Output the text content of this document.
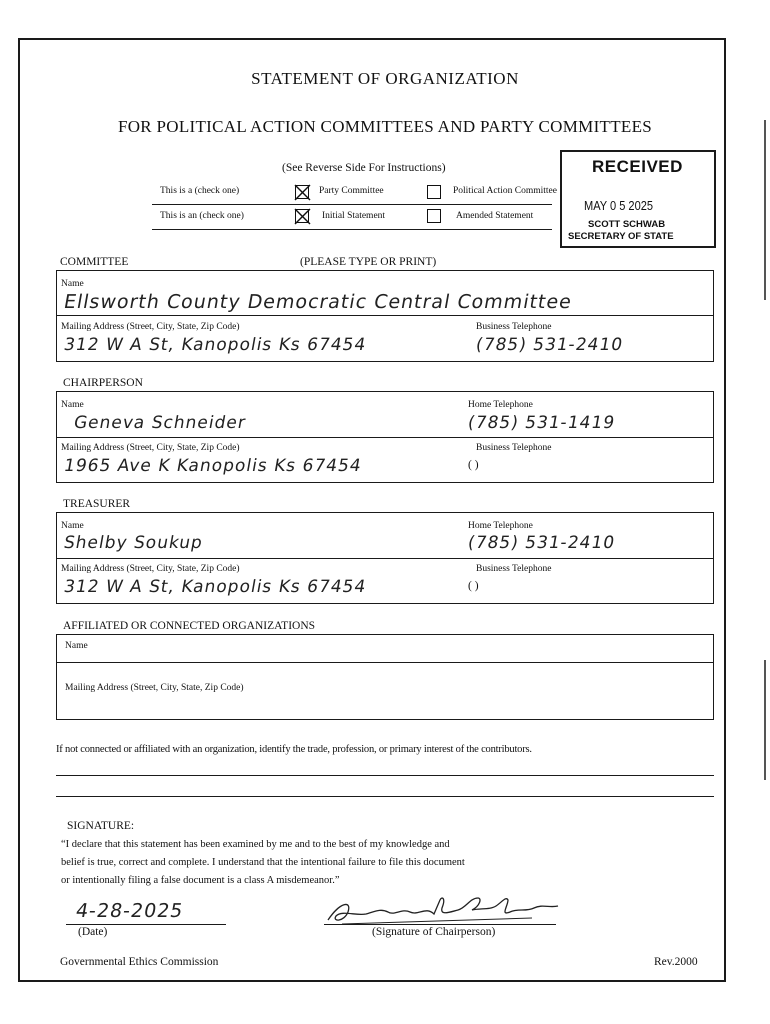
STATEMENT OF ORGANIZATION
FOR POLITICAL ACTION COMMITTEES AND PARTY COMMITTEES
(See Reverse Side For Instructions)
This is a (check one)	Party Committee	Political Action Committee
This is an (check one)	Initial Statement	Amended Statement
RECEIVED
MAY 0 5 2025
SCOTT SCHWAB
SECRETARY OF STATE
COMMITTEE	(PLEASE TYPE OR PRINT)
Name
Ellsworth County Democratic Central Committee
Mailing Address (Street, City, State, Zip Code)	Business Telephone
312 W A St, Kanopolis Ks 67454	(785) 531-2410
CHAIRPERSON
Name	Home Telephone
Geneva Schneider	(785) 531-1419
Mailing Address (Street, City, State, Zip Code)	Business Telephone
1965 Ave K Kanopolis Ks 67454	( )
TREASURER
Name	Home Telephone
Shelby Soukup	(785) 531-2410
Mailing Address (Street, City, State, Zip Code)	Business Telephone
312 W A St, Kanopolis Ks 67454	( )
AFFILIATED OR CONNECTED ORGANIZATIONS
Name
Mailing Address (Street, City, State, Zip Code)
If not connected or affiliated with an organization, identify the trade, profession, or primary interest of the contributors.
SIGNATURE:
“I declare that this statement has been examined by me and to the best of my knowledge and
belief is true, correct and complete. I understand that the intentional failure to file this document
or intentionally filing a false document is a class A misdemeanor.”
4-28-2025
(Date)	(Signature of Chairperson)
Governmental Ethics Commission	Rev.2000
